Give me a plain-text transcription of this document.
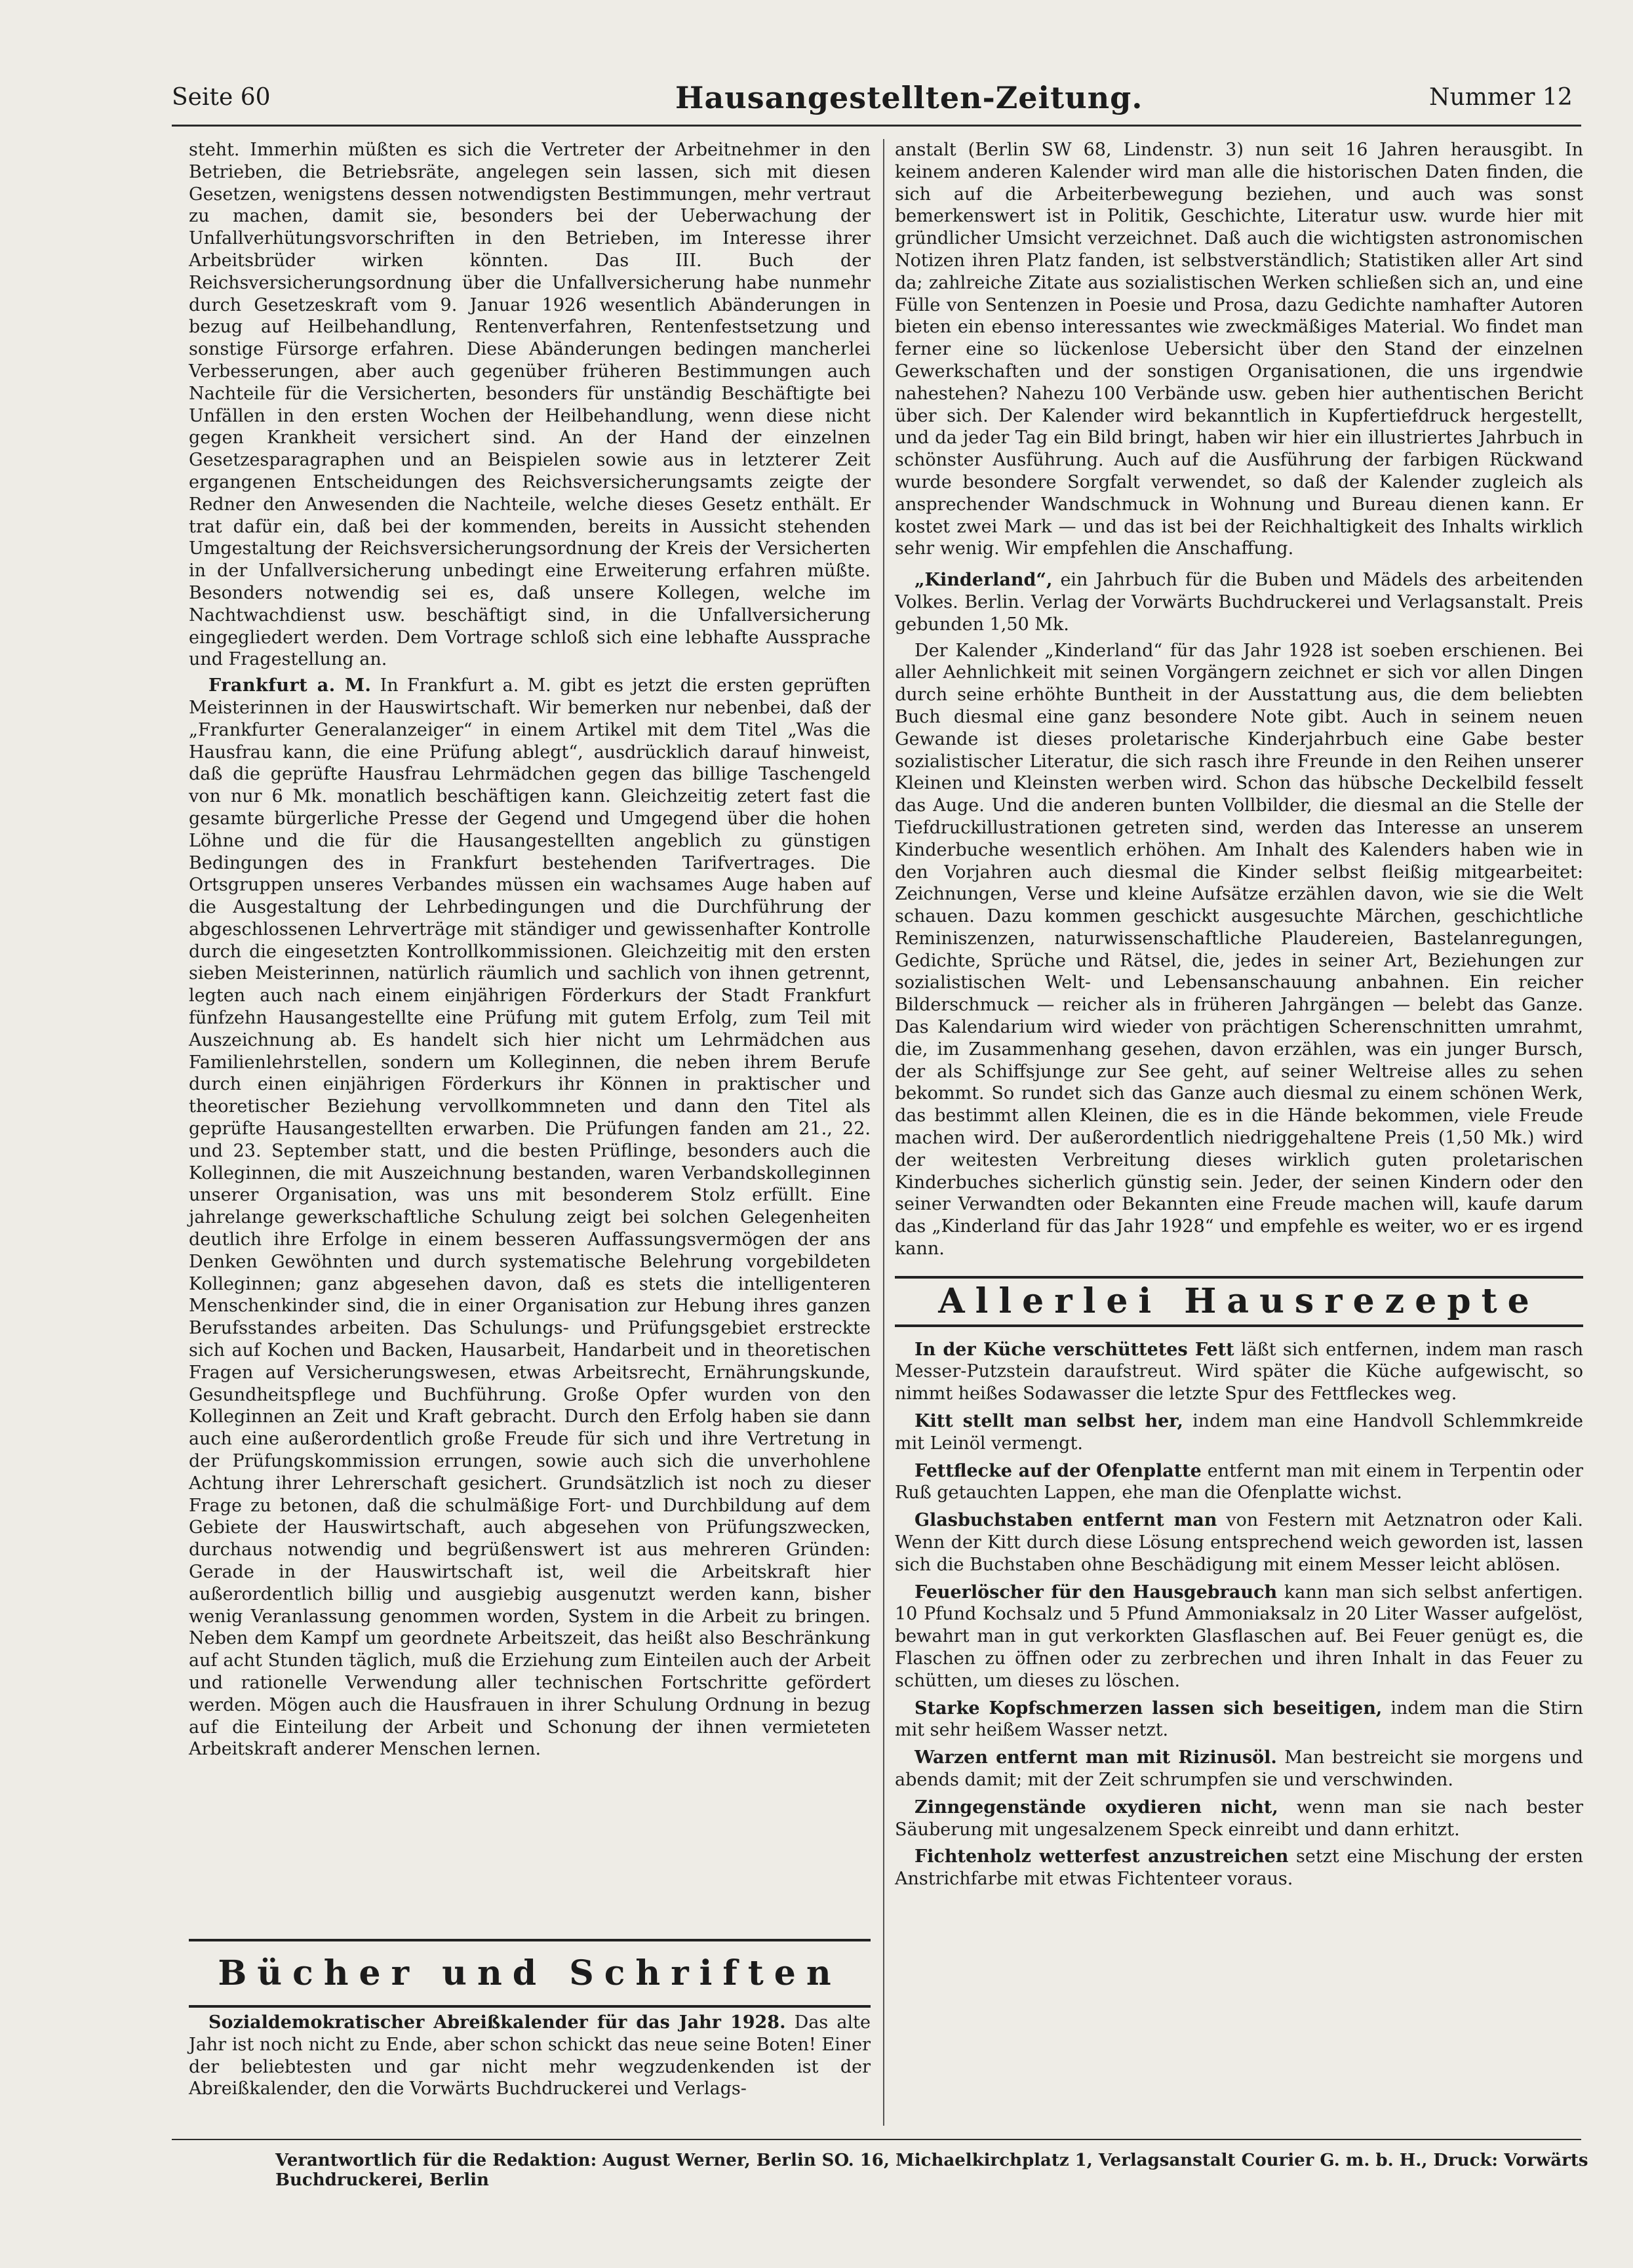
Seite 60	Hausangestellten-Zeitung.	Nummer 12

steht. Immerhin müßten es sich die Vertreter der Arbeitnehmer in den Betrieben, die Betriebsräte, angelegen sein lassen, sich mit diesen Gesetzen, wenigstens dessen notwendigsten Bestimmungen, mehr vertraut zu machen, damit sie, besonders bei der Ueberwachung der Unfallverhütungsvorschriften in den Betrieben, im Interesse ihrer Arbeitsbrüder wirken könnten. Das III. Buch der Reichsversicherungsordnung über die Unfallversicherung habe nunmehr durch Gesetzeskraft vom 9. Januar 1926 wesentlich Abänderungen in bezug auf Heilbehandlung, Rentenverfahren, Rentenfestsetzung und sonstige Fürsorge erfahren. Diese Abänderungen bedingen mancherlei Verbesserungen, aber auch gegenüber früheren Bestimmungen auch Nachteile für die Versicherten, besonders für unständig Beschäftigte bei Unfällen in den ersten Wochen der Heilbehandlung, wenn diese nicht gegen Krankheit versichert sind. An der Hand der einzelnen Gesetzesparagraphen und an Beispielen sowie aus in letzterer Zeit ergangenen Entscheidungen des Reichsversicherungsamts zeigte der Redner den Anwesenden die Nachteile, welche dieses Gesetz enthält. Er trat dafür ein, daß bei der kommenden, bereits in Aussicht stehenden Umgestaltung der Reichsversicherungsordnung der Kreis der Versicherten in der Unfallversicherung unbedingt eine Erweiterung erfahren müßte. Besonders notwendig sei es, daß unsere Kollegen, welche im Nachtwachdienst usw. beschäftigt sind, in die Unfallversicherung eingegliedert werden. Dem Vortrage schloß sich eine lebhafte Aussprache und Fragestellung an.

Frankfurt a. M. In Frankfurt a. M. gibt es jetzt die ersten geprüften Meisterinnen in der Hauswirtschaft. Wir bemerken nur nebenbei, daß der „Frankfurter Generalanzeiger“ in einem Artikel mit dem Titel „Was die Hausfrau kann, die eine Prüfung ablegt“, ausdrücklich darauf hinweist, daß die geprüfte Hausfrau Lehrmädchen gegen das billige Taschengeld von nur 6 Mk. monatlich beschäftigen kann. Gleichzeitig zetert fast die gesamte bürgerliche Presse der Gegend und Umgegend über die hohen Löhne und die für die Hausangestellten angeblich zu günstigen Bedingungen des in Frankfurt bestehenden Tarifvertrages. Die Ortsgruppen unseres Verbandes müssen ein wachsames Auge haben auf die Ausgestaltung der Lehrbedingungen und die Durchführung der abgeschlossenen Lehrverträge mit ständiger und gewissenhafter Kontrolle durch die eingesetzten Kontrollkommissionen. Gleichzeitig mit den ersten sieben Meisterinnen, natürlich räumlich und sachlich von ihnen getrennt, legten auch nach einem einjährigen Förderkurs der Stadt Frankfurt fünfzehn Hausangestellte eine Prüfung mit gutem Erfolg, zum Teil mit Auszeichnung ab. Es handelt sich hier nicht um Lehrmädchen aus Familienlehrstellen, sondern um Kolleginnen, die neben ihrem Berufe durch einen einjährigen Förderkurs ihr Können in praktischer und theoretischer Beziehung vervollkommneten und dann den Titel als geprüfte Hausangestellten erwarben. Die Prüfungen fanden am 21., 22. und 23. September statt, und die besten Prüflinge, besonders auch die Kolleginnen, die mit Auszeichnung bestanden, waren Verbandskolleginnen unserer Organisation, was uns mit besonderem Stolz erfüllt. Eine jahrelange gewerkschaftliche Schulung zeigt bei solchen Gelegenheiten deutlich ihre Erfolge in einem besseren Auffassungsvermögen der ans Denken Gewöhnten und durch systematische Belehrung vorgebildeten Kolleginnen; ganz abgesehen davon, daß es stets die intelligenteren Menschenkinder sind, die in einer Organisation zur Hebung ihres ganzen Berufsstandes arbeiten. Das Schulungs- und Prüfungsgebiet erstreckte sich auf Kochen und Backen, Hausarbeit, Handarbeit und in theoretischen Fragen auf Versicherungswesen, etwas Arbeitsrecht, Ernährungskunde, Gesundheitspflege und Buchführung. Große Opfer wurden von den Kolleginnen an Zeit und Kraft gebracht. Durch den Erfolg haben sie dann auch eine außerordentlich große Freude für sich und ihre Vertretung in der Prüfungskommission errungen, sowie auch sich die unverhohlene Achtung ihrer Lehrerschaft gesichert. Grundsätzlich ist noch zu dieser Frage zu betonen, daß die schulmäßige Fort- und Durchbildung auf dem Gebiete der Hauswirtschaft, auch abgesehen von Prüfungszwecken, durchaus notwendig und begrüßenswert ist aus mehreren Gründen: Gerade in der Hauswirtschaft ist, weil die Arbeitskraft hier außerordentlich billig und ausgiebig ausgenutzt werden kann, bisher wenig Veranlassung genommen worden, System in die Arbeit zu bringen. Neben dem Kampf um geordnete Arbeitszeit, das heißt also Beschränkung auf acht Stunden täglich, muß die Erziehung zum Einteilen auch der Arbeit und rationelle Verwendung aller technischen Fortschritte gefördert werden. Mögen auch die Hausfrauen in ihrer Schulung Ordnung in bezug auf die Einteilung der Arbeit und Schonung der ihnen vermieteten Arbeitskraft anderer Menschen lernen.

Bücher und Schriften

Sozialdemokratischer Abreißkalender für das Jahr 1928. Das alte Jahr ist noch nicht zu Ende, aber schon schickt das neue seine Boten! Einer der beliebtesten und gar nicht mehr wegzudenkenden ist der Abreißkalender, den die Vorwärts Buchdruckerei und Verlags-

anstalt (Berlin SW 68, Lindenstr. 3) nun seit 16 Jahren herausgibt. In keinem anderen Kalender wird man alle die historischen Daten finden, die sich auf die Arbeiterbewegung beziehen, und auch was sonst bemerkenswert ist in Politik, Geschichte, Literatur usw. wurde hier mit gründlicher Umsicht verzeichnet. Daß auch die wichtigsten astronomischen Notizen ihren Platz fanden, ist selbstverständlich; Statistiken aller Art sind da; zahlreiche Zitate aus sozialistischen Werken schließen sich an, und eine Fülle von Sentenzen in Poesie und Prosa, dazu Gedichte namhafter Autoren bieten ein ebenso interessantes wie zweckmäßiges Material. Wo findet man ferner eine so lückenlose Uebersicht über den Stand der einzelnen Gewerkschaften und der sonstigen Organisationen, die uns irgendwie nahestehen? Nahezu 100 Verbände usw. geben hier authentischen Bericht über sich. Der Kalender wird bekanntlich in Kupfertiefdruck hergestellt, und da jeder Tag ein Bild bringt, haben wir hier ein illustriertes Jahrbuch in schönster Ausführung. Auch auf die Ausführung der farbigen Rückwand wurde besondere Sorgfalt verwendet, so daß der Kalender zugleich als ansprechender Wandschmuck in Wohnung und Bureau dienen kann. Er kostet zwei Mark — und das ist bei der Reichhaltigkeit des Inhalts wirklich sehr wenig. Wir empfehlen die Anschaffung.

„Kinderland“, ein Jahrbuch für die Buben und Mädels des arbeitenden Volkes. Berlin. Verlag der Vorwärts Buchdruckerei und Verlagsanstalt. Preis gebunden 1,50 Mk.

Der Kalender „Kinderland“ für das Jahr 1928 ist soeben erschienen. Bei aller Aehnlichkeit mit seinen Vorgängern zeichnet er sich vor allen Dingen durch seine erhöhte Buntheit in der Ausstattung aus, die dem beliebten Buch diesmal eine ganz besondere Note gibt. Auch in seinem neuen Gewande ist dieses proletarische Kinderjahrbuch eine Gabe bester sozialistischer Literatur, die sich rasch ihre Freunde in den Reihen unserer Kleinen und Kleinsten werben wird. Schon das hübsche Deckelbild fesselt das Auge. Und die anderen bunten Vollbilder, die diesmal an die Stelle der Tiefdruckillustrationen getreten sind, werden das Interesse an unserem Kinderbuche wesentlich erhöhen. Am Inhalt des Kalenders haben wie in den Vorjahren auch diesmal die Kinder selbst fleißig mitgearbeitet: Zeichnungen, Verse und kleine Aufsätze erzählen davon, wie sie die Welt schauen. Dazu kommen geschickt ausgesuchte Märchen, geschichtliche Reminiszenzen, naturwissenschaftliche Plaudereien, Bastelanregungen, Gedichte, Sprüche und Rätsel, die, jedes in seiner Art, Beziehungen zur sozialistischen Welt- und Lebensanschauung anbahnen. Ein reicher Bilderschmuck — reicher als in früheren Jahrgängen — belebt das Ganze. Das Kalendarium wird wieder von prächtigen Scherenschnitten umrahmt, die, im Zusammenhang gesehen, davon erzählen, was ein junger Bursch, der als Schiffsjunge zur See geht, auf seiner Weltreise alles zu sehen bekommt. So rundet sich das Ganze auch diesmal zu einem schönen Werk, das bestimmt allen Kleinen, die es in die Hände bekommen, viele Freude machen wird. Der außerordentlich niedriggehaltene Preis (1,50 Mk.) wird der weitesten Verbreitung dieses wirklich guten proletarischen Kinderbuches sicherlich günstig sein. Jeder, der seinen Kindern oder den seiner Verwandten oder Bekannten eine Freude machen will, kaufe darum das „Kinderland für das Jahr 1928“ und empfehle es weiter, wo er es irgend kann.

Allerlei Hausrezepte

In der Küche verschüttetes Fett läßt sich entfernen, indem man rasch Messer-Putzstein daraufstreut. Wird später die Küche aufgewischt, so nimmt heißes Sodawasser die letzte Spur des Fettfleckes weg.

Kitt stellt man selbst her, indem man eine Handvoll Schlemmkreide mit Leinöl vermengt.

Fettflecke auf der Ofenplatte entfernt man mit einem in Terpentin oder Ruß getauchten Lappen, ehe man die Ofenplatte wichst.

Glasbuchstaben entfernt man von Festern mit Aetznatron oder Kali. Wenn der Kitt durch diese Lösung entsprechend weich geworden ist, lassen sich die Buchstaben ohne Beschädigung mit einem Messer leicht ablösen.

Feuerlöscher für den Hausgebrauch kann man sich selbst anfertigen. 10 Pfund Kochsalz und 5 Pfund Ammoniaksalz in 20 Liter Wasser aufgelöst, bewahrt man in gut verkorkten Glasflaschen auf. Bei Feuer genügt es, die Flaschen zu öffnen oder zu zerbrechen und ihren Inhalt in das Feuer zu schütten, um dieses zu löschen.

Starke Kopfschmerzen lassen sich beseitigen, indem man die Stirn mit sehr heißem Wasser netzt.

Warzen entfernt man mit Rizinusöl. Man bestreicht sie morgens und abends damit; mit der Zeit schrumpfen sie und verschwinden.

Zinngegenstände oxydieren nicht, wenn man sie nach bester Säuberung mit ungesalzenem Speck einreibt und dann erhitzt.

Fichtenholz wetterfest anzustreichen setzt eine Mischung der ersten Anstrichfarbe mit etwas Fichtenteer voraus.

Verantwortlich für die Redaktion: August Werner, Berlin SO. 16, Michaelkirchplatz 1, Verlagsanstalt Courier G. m. b. H., Druck: Vorwärts Buchdruckerei, Berlin
